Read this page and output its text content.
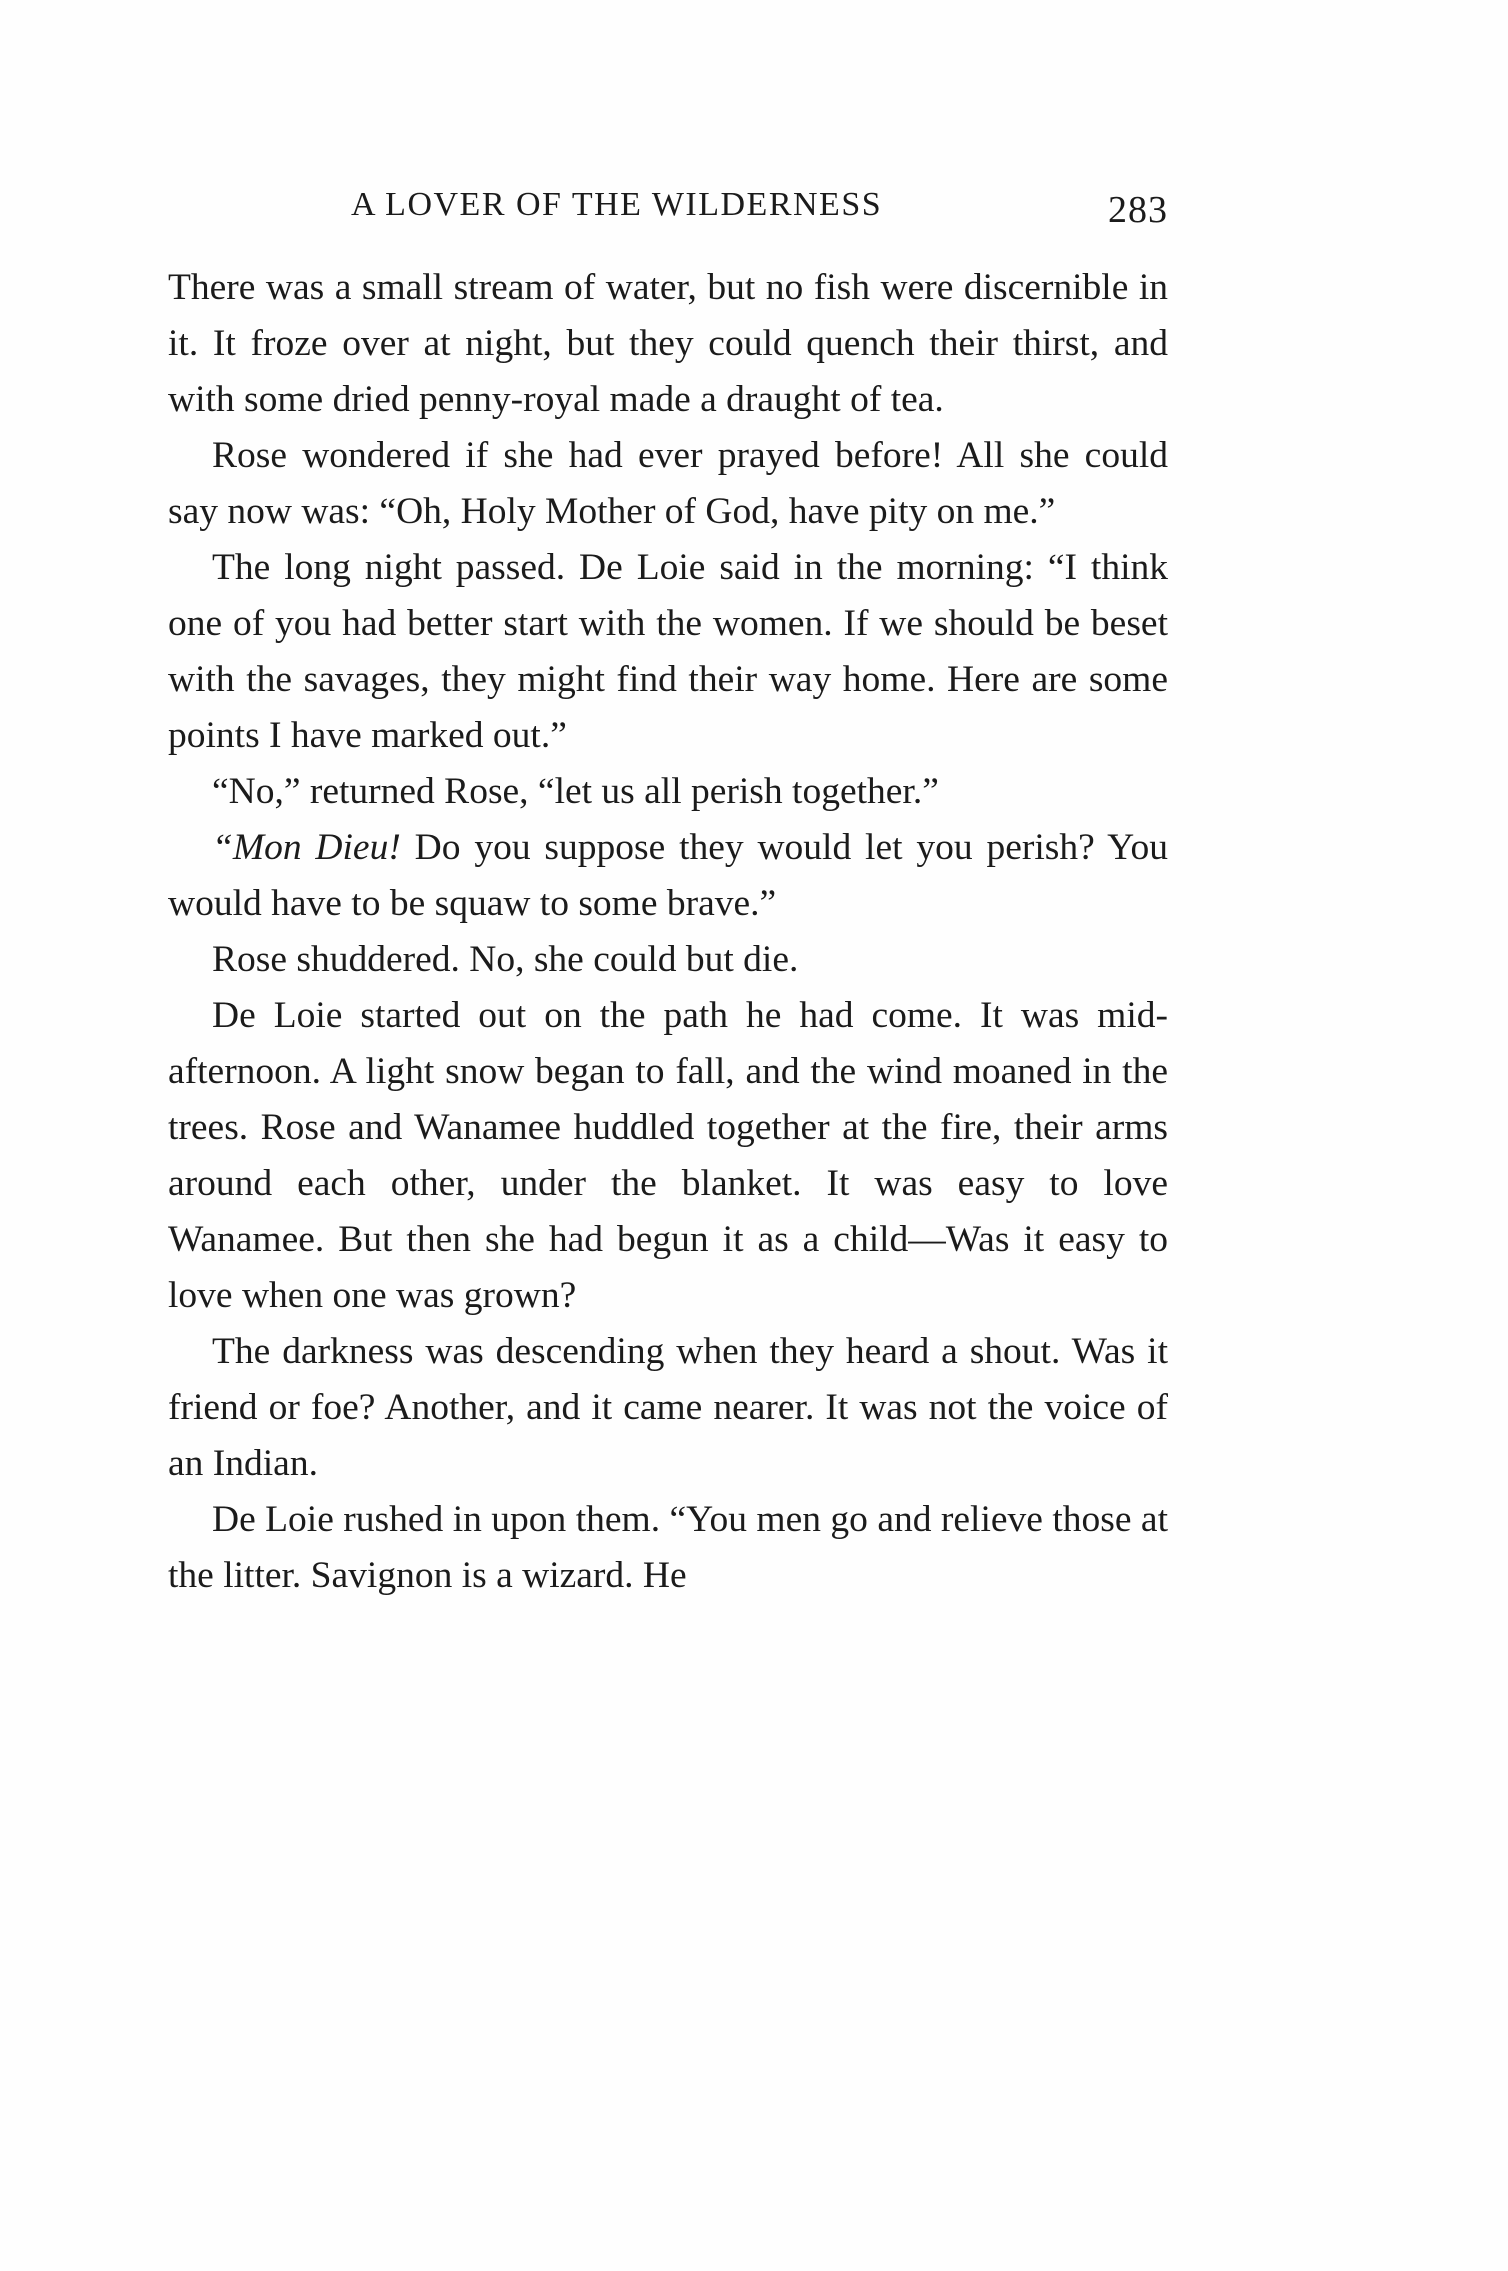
A LOVER OF THE WILDERNESS	283

There was a small stream of water, but no fish were discernible in it. It froze over at night, but they could quench their thirst, and with some dried penny-royal made a draught of tea.

Rose wondered if she had ever prayed before! All she could say now was: “Oh, Holy Mother of God, have pity on me.”

The long night passed. De Loie said in the morning: “I think one of you had better start with the women. If we should be beset with the savages, they might find their way home. Here are some points I have marked out.”

“No,” returned Rose, “let us all perish together.”

“Mon Dieu! Do you suppose they would let you perish? You would have to be squaw to some brave.”

Rose shuddered. No, she could but die.

De Loie started out on the path he had come. It was mid-afternoon. A light snow began to fall, and the wind moaned in the trees. Rose and Wanamee huddled together at the fire, their arms around each other, under the blanket. It was easy to love Wanamee. But then she had begun it as a child—Was it easy to love when one was grown?

The darkness was descending when they heard a shout. Was it friend or foe? Another, and it came nearer. It was not the voice of an Indian.

De Loie rushed in upon them. “You men go and relieve those at the litter. Savignon is a wizard. He
